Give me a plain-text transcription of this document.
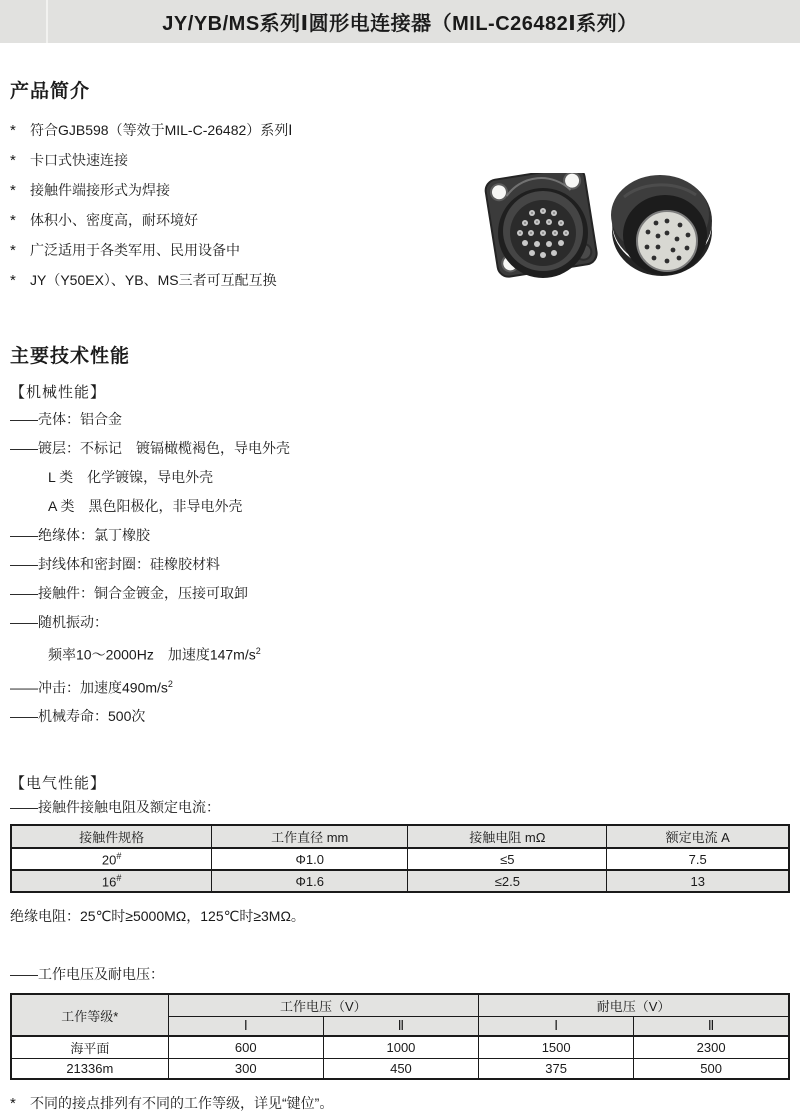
JY/YB/MS系列Ⅰ圆形电连接器（MIL-C26482Ⅰ系列）
产品简介
*	符合GJB598（等效于MIL-C-26482）系列Ⅰ
*	卡口式快速连接
*	接触件端接形式为焊接
*	体积小、密度高，耐环境好
*	广泛适用于各类军用、民用设备中
*	JY（Y50EX）、YB、MS三者可互配互换
主要技术性能
【机械性能】
——壳体：铝合金
——镀层：不标记　镀镉橄榄褐色，导电外壳
L 类　化学镀镍，导电外壳
A 类　黑色阳极化，非导电外壳
——绝缘体：氯丁橡胶
——封线体和密封圈：硅橡胶材料
——接触件：铜合金镀金，压接可取卸
——随机振动：
频率10～2000Hz　加速度$147m/s^2$
——冲击：加速度$490m/s^2$
——机械寿命：500次
【电气性能】
——接触件接触电阻及额定电流：
接触件规格	工作直径 mm	接触电阻 mΩ	额定电流 A
20#	Φ1.0	≤5	7.5
16#	Φ1.6	≤2.5	13
绝缘电阻：25℃时≥5000MΩ，125℃时≥3MΩ。
——工作电压及耐电压：
工作等级*	工作电压（V）		耐电压（V）	
	Ⅰ	Ⅱ	Ⅰ	Ⅱ
海平面	600	1000	1500	2300
21336m	300	450	375	500
*	不同的接点排列有不同的工作等级，详见“键位”。
